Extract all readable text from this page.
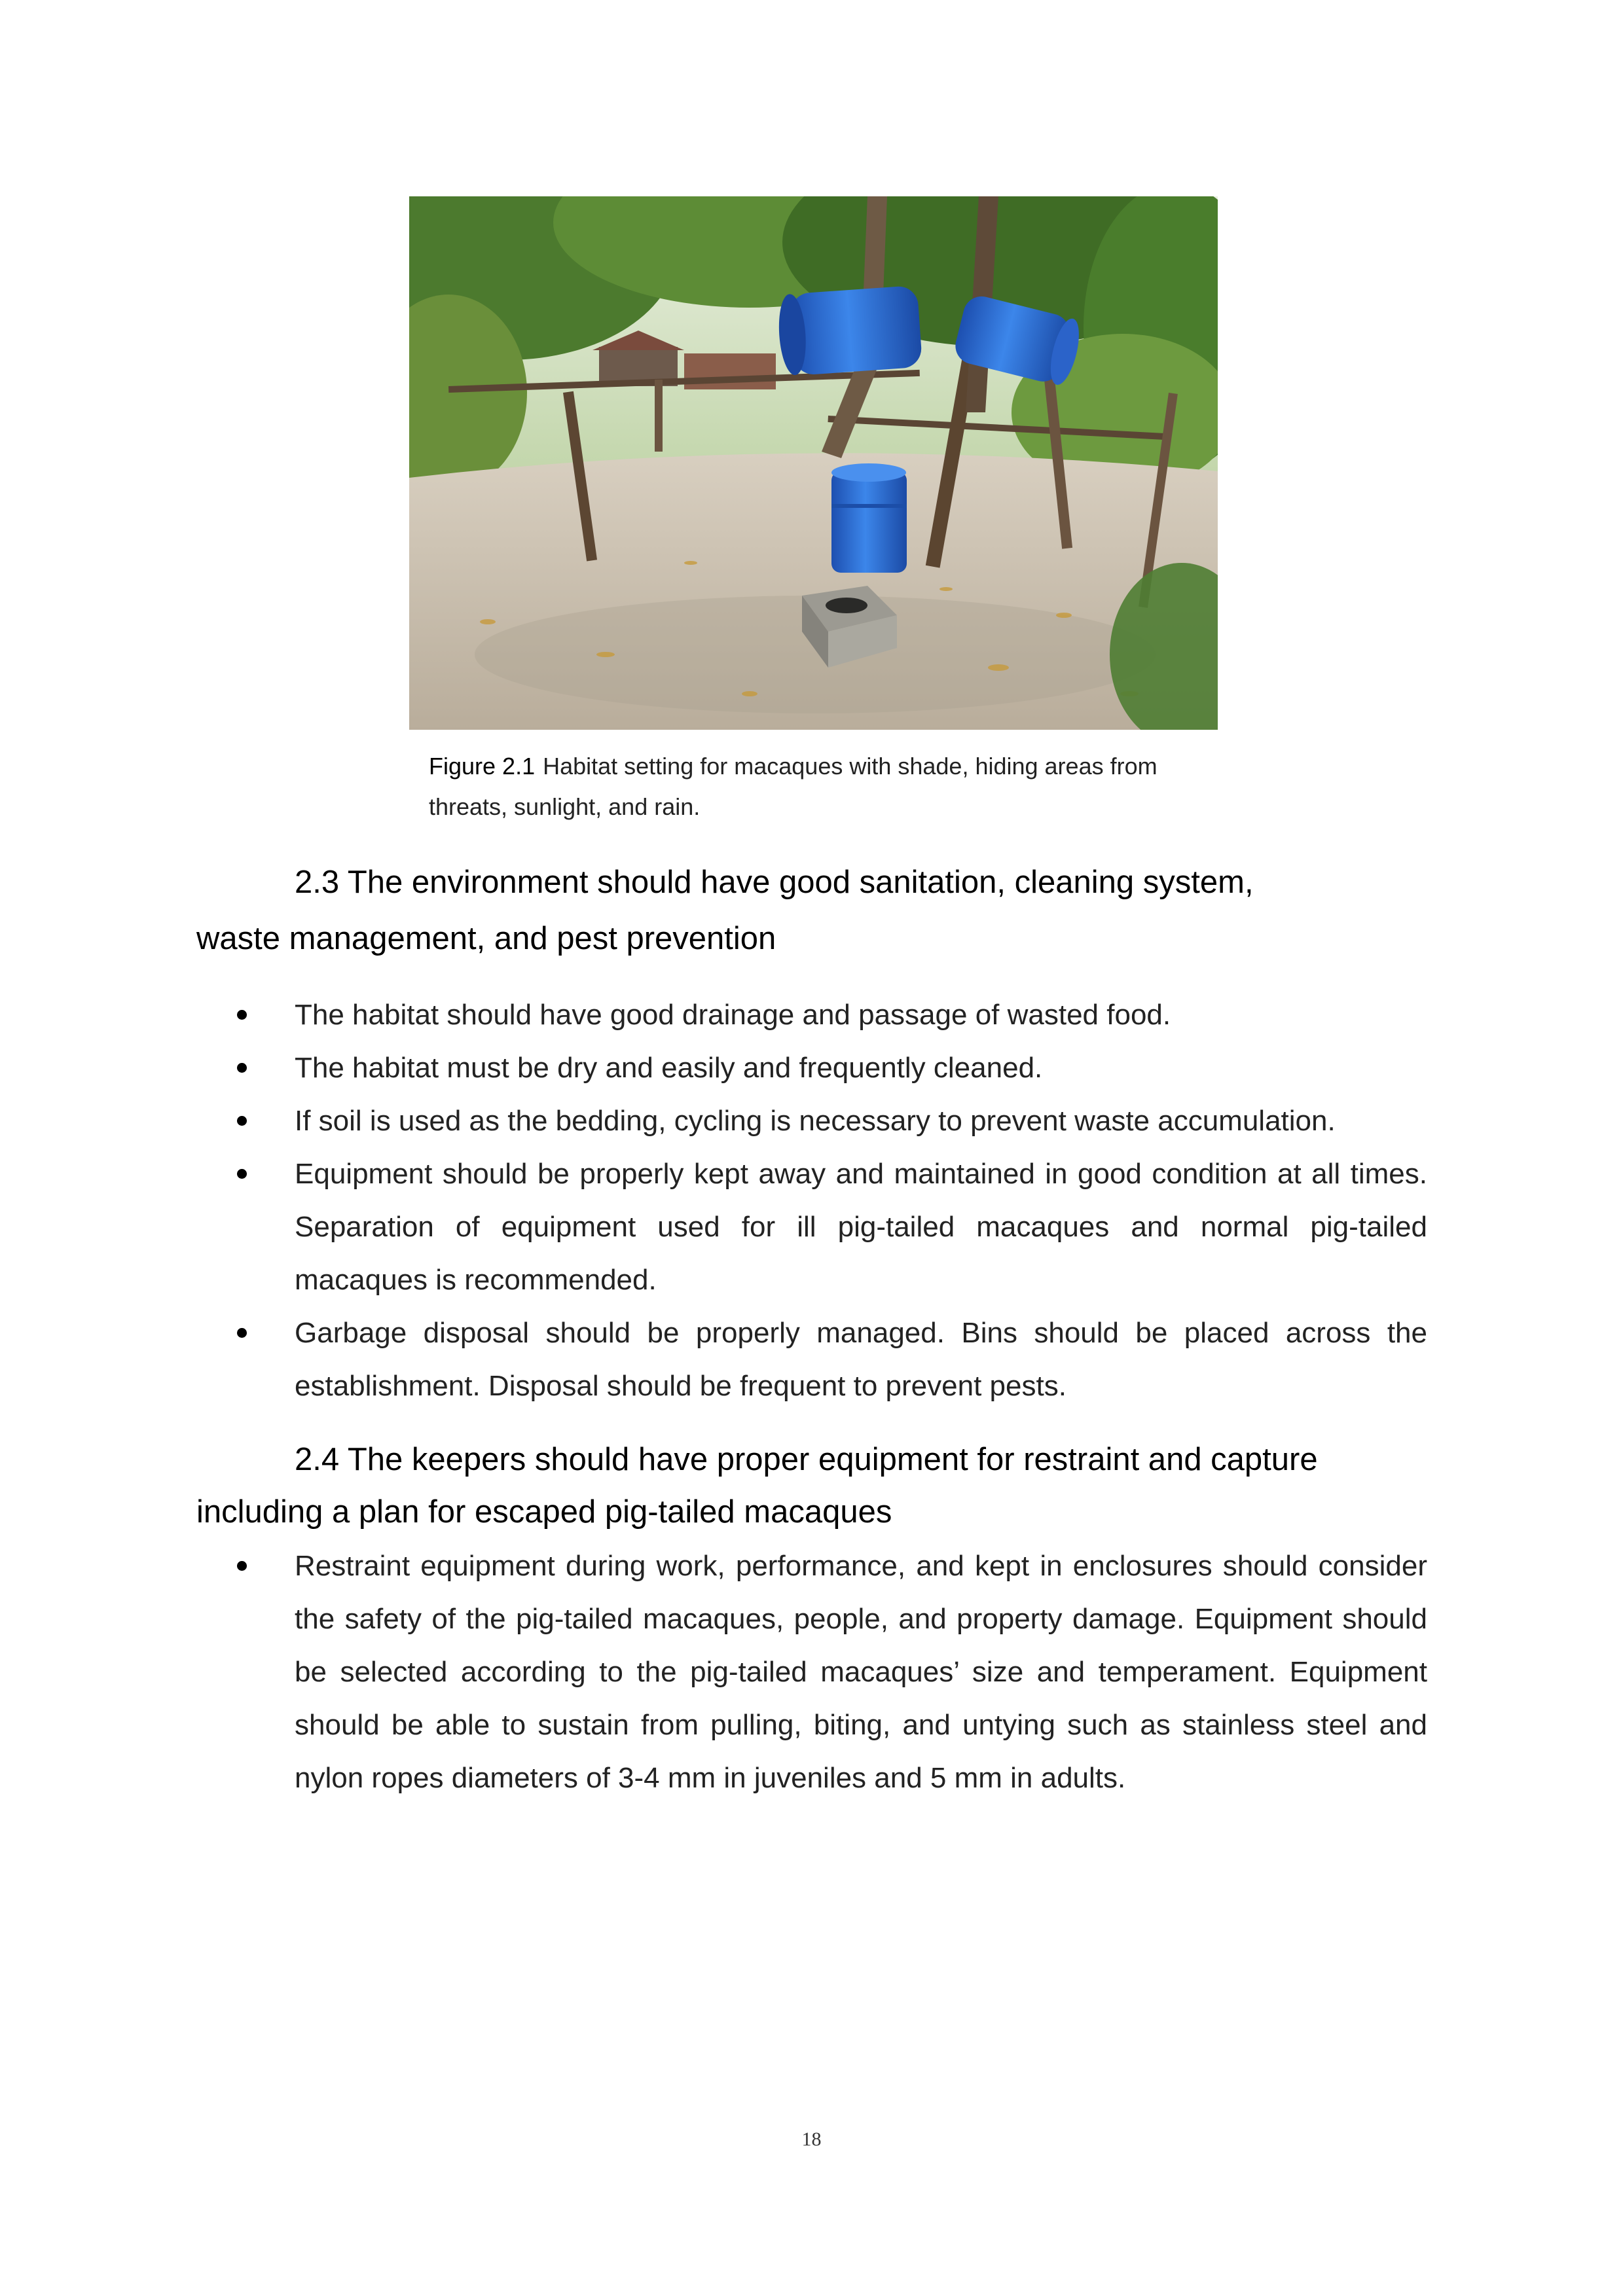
Figure 2.1 Habitat setting for macaques with shade, hiding areas from threats, sunlight, and rain.
2.3 The environment should have good sanitation, cleaning system,
waste management, and pest prevention
The habitat should have good drainage and passage of wasted food.
The habitat must be dry and easily and frequently cleaned.
If soil is used as the bedding, cycling is necessary to prevent waste accumulation.
Equipment should be properly kept away and maintained in good condition at all times. Separation of equipment used for ill pig-tailed macaques and normal pig-tailed macaques is recommended.
Garbage disposal should be properly managed. Bins should be placed across the establishment. Disposal should be frequent to prevent pests.
2.4 The keepers should have proper equipment for restraint and capture
including a plan for escaped pig-tailed macaques
Restraint equipment during work, performance, and kept in enclosures should consider the safety of the pig-tailed macaques, people, and property damage. Equipment should be selected according to the pig-tailed macaques’ size and temperament. Equipment should be able to sustain from pulling, biting, and untying such as stainless steel and nylon ropes diameters of 3-4 mm in juveniles and 5 mm in adults.
18
